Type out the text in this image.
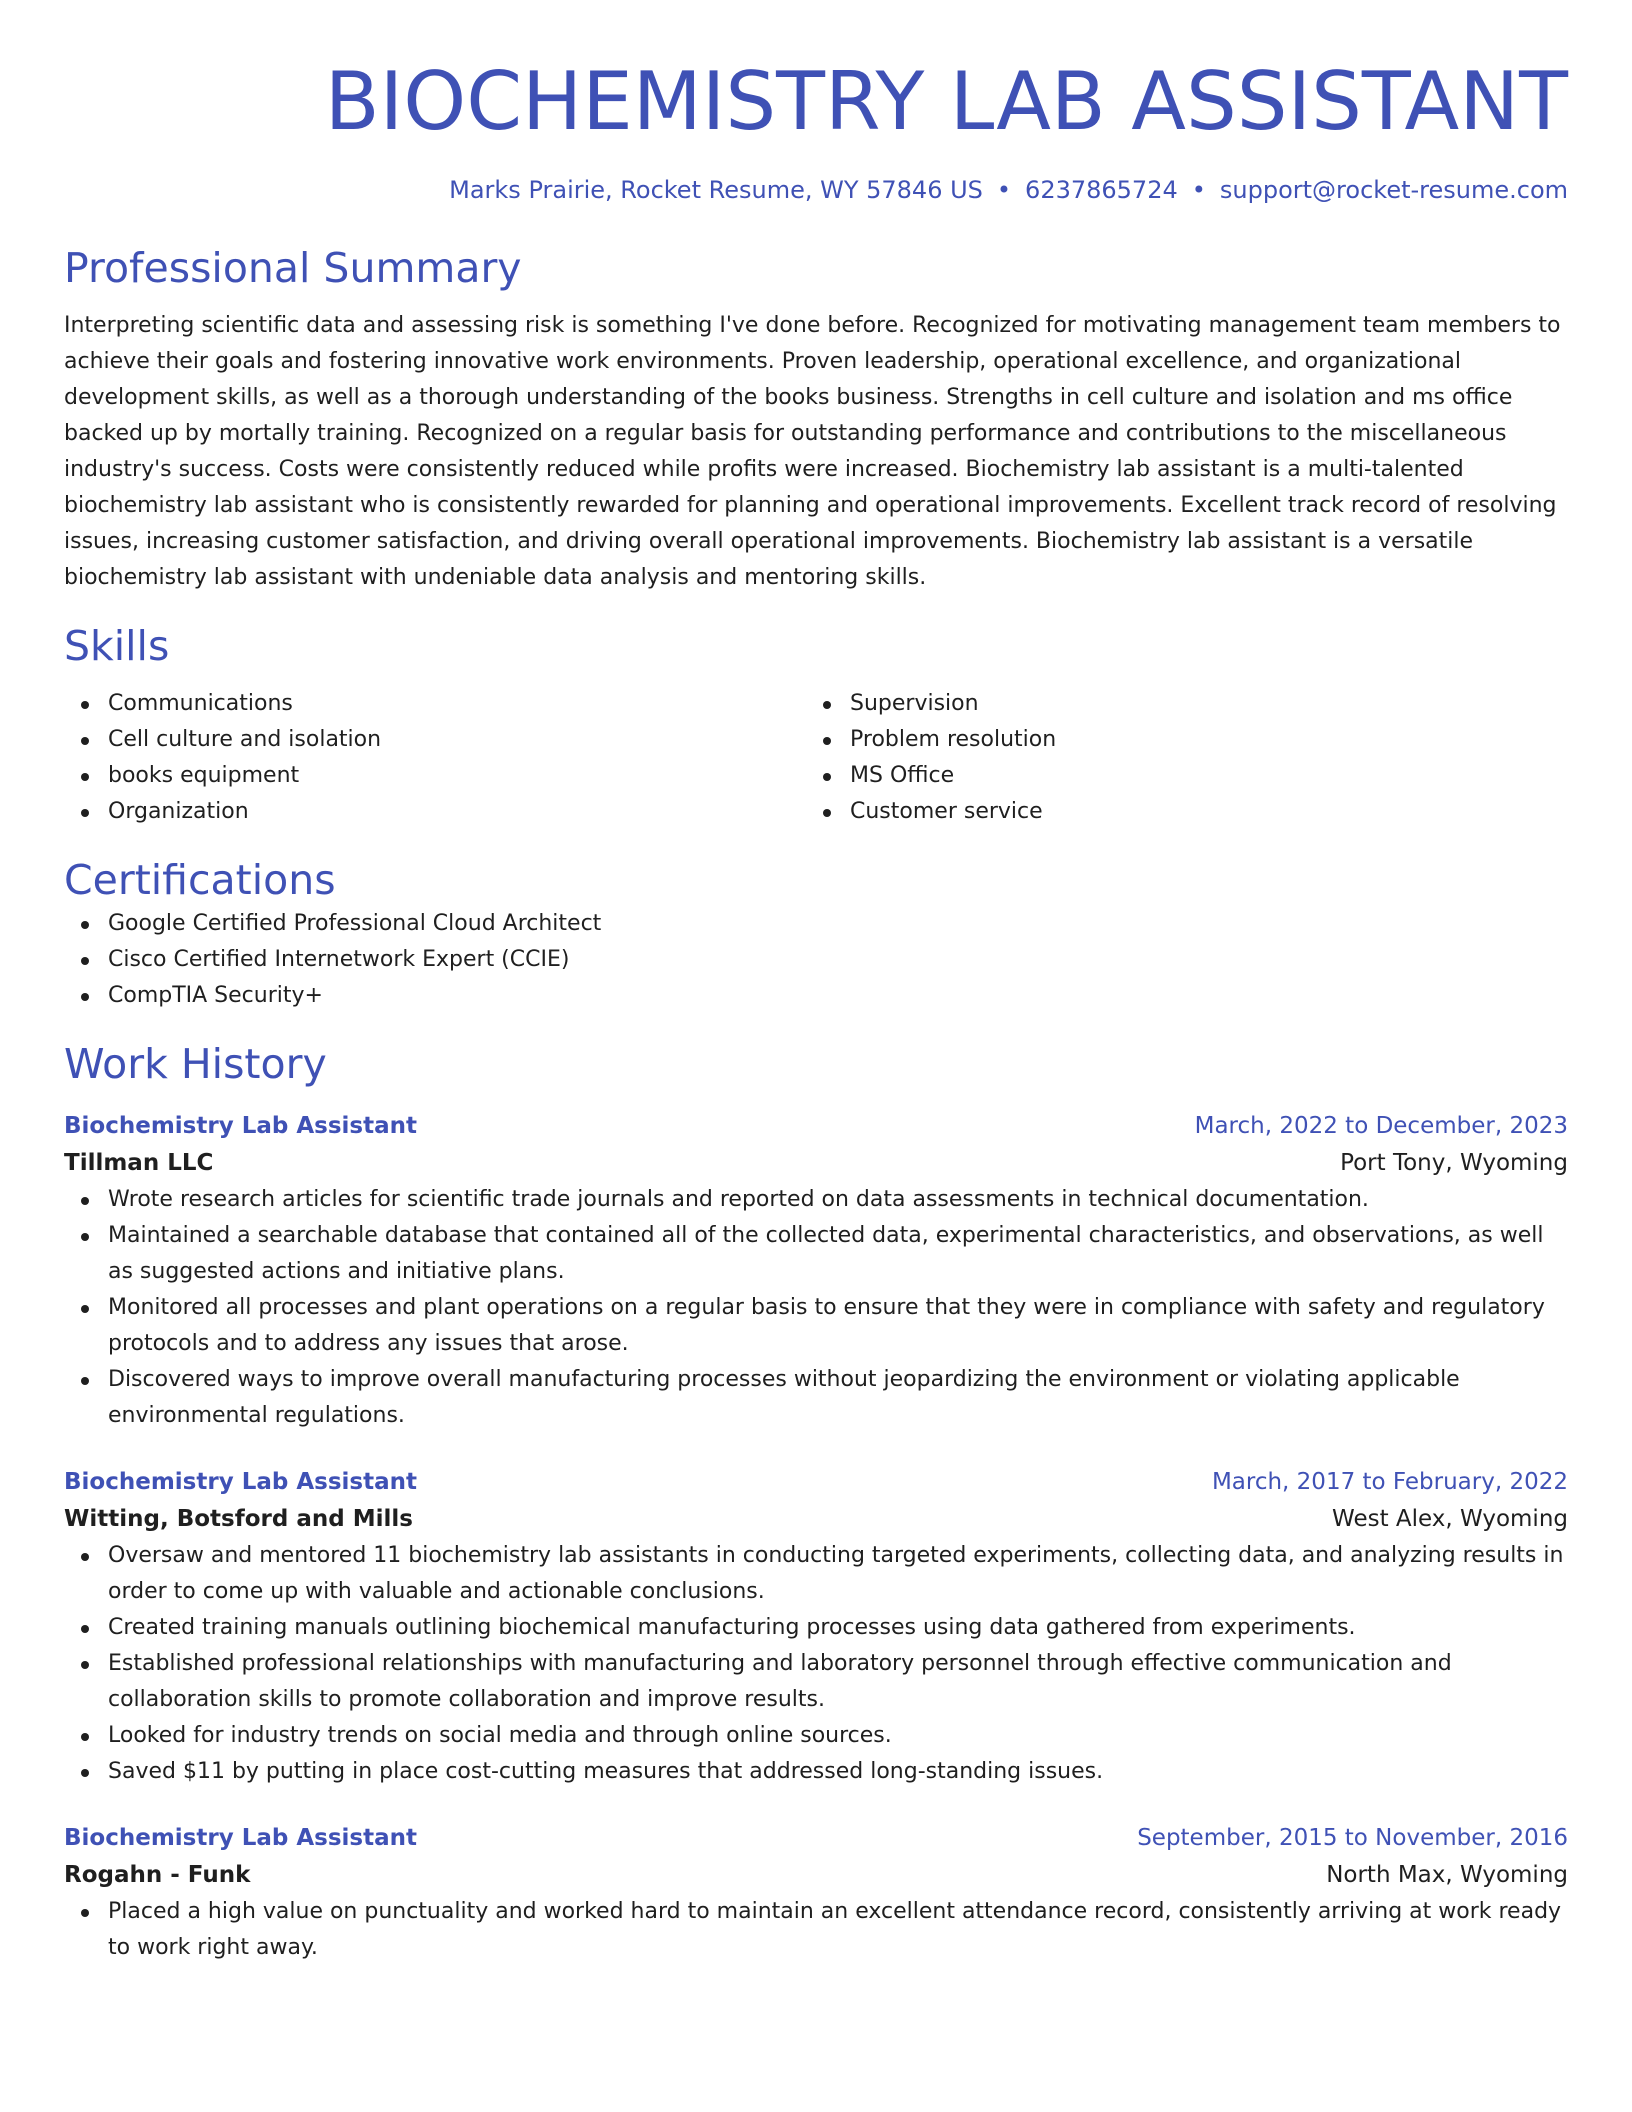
BIOCHEMISTRY LAB ASSISTANT
Marks Prairie, Rocket Resume, WY 57846 US • 6237865724 • support@rocket-resume.com
Professional Summary
Interpreting scientific data and assessing risk is something I've done before. Recognized for motivating management team members to achieve their goals and fostering innovative work environments. Proven leadership, operational excellence, and organizational development skills, as well as a thorough understanding of the books business. Strengths in cell culture and isolation and ms office backed up by mortally training. Recognized on a regular basis for outstanding performance and contributions to the miscellaneous industry's success. Costs were consistently reduced while profits were increased. Biochemistry lab assistant is a multi-talented biochemistry lab assistant who is consistently rewarded for planning and operational improvements. Excellent track record of resolving issues, increasing customer satisfaction, and driving overall operational improvements. Biochemistry lab assistant is a versatile biochemistry lab assistant with undeniable data analysis and mentoring skills.
Skills
Communications
Cell culture and isolation
books equipment
Organization
Supervision
Problem resolution
MS Office
Customer service
Certifications
Google Certified Professional Cloud Architect
Cisco Certified Internetwork Expert (CCIE)
CompTIA Security+
Work History
Biochemistry Lab Assistant	March, 2022 to December, 2023
Tillman LLC	Port Tony, Wyoming
Wrote research articles for scientific trade journals and reported on data assessments in technical documentation.
Maintained a searchable database that contained all of the collected data, experimental characteristics, and observations, as well as suggested actions and initiative plans.
Monitored all processes and plant operations on a regular basis to ensure that they were in compliance with safety and regulatory protocols and to address any issues that arose.
Discovered ways to improve overall manufacturing processes without jeopardizing the environment or violating applicable environmental regulations.
Biochemistry Lab Assistant	March, 2017 to February, 2022
Witting, Botsford and Mills	West Alex, Wyoming
Oversaw and mentored 11 biochemistry lab assistants in conducting targeted experiments, collecting data, and analyzing results in order to come up with valuable and actionable conclusions.
Created training manuals outlining biochemical manufacturing processes using data gathered from experiments.
Established professional relationships with manufacturing and laboratory personnel through effective communication and collaboration skills to promote collaboration and improve results.
Looked for industry trends on social media and through online sources.
Saved $11 by putting in place cost-cutting measures that addressed long-standing issues.
Biochemistry Lab Assistant	September, 2015 to November, 2016
Rogahn - Funk	North Max, Wyoming
Placed a high value on punctuality and worked hard to maintain an excellent attendance record, consistently arriving at work ready to work right away.
